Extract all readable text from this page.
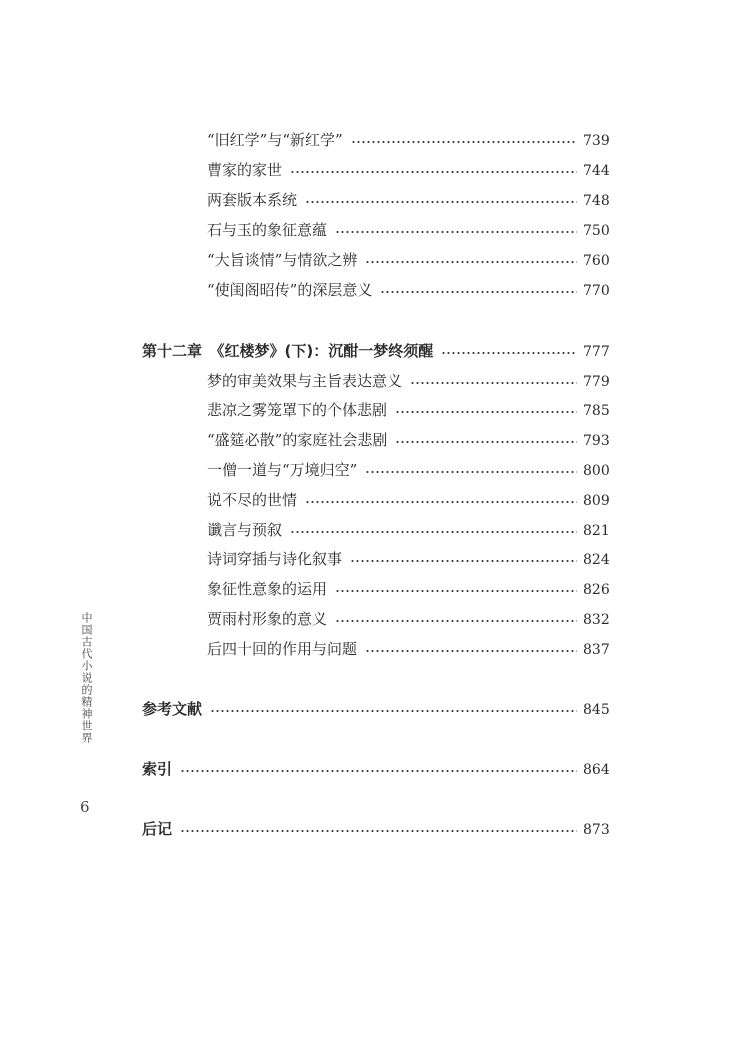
“旧红学”与“新红学”	739
曹家的家世	744
两套版本系统	748
石与玉的象征意蕴	750
“大旨谈情”与情欲之辨	760
“使闺阁昭传”的深层意义	770
第十二章　《红楼梦》(下)：沉酣一梦终须醒	777
梦的审美效果与主旨表达意义	779
悲凉之雾笼罩下的个体悲剧	785
“盛筵必散”的家庭社会悲剧	793
一僧一道与“万境归空”	800
说不尽的世情	809
谶言与预叙	821
诗词穿插与诗化叙事	824
象征性意象的运用	826
贾雨村形象的意义	832
后四十回的作用与问题	837
参考文献	845
索引	864
后记	873
中国古代小说的精神世界
6
